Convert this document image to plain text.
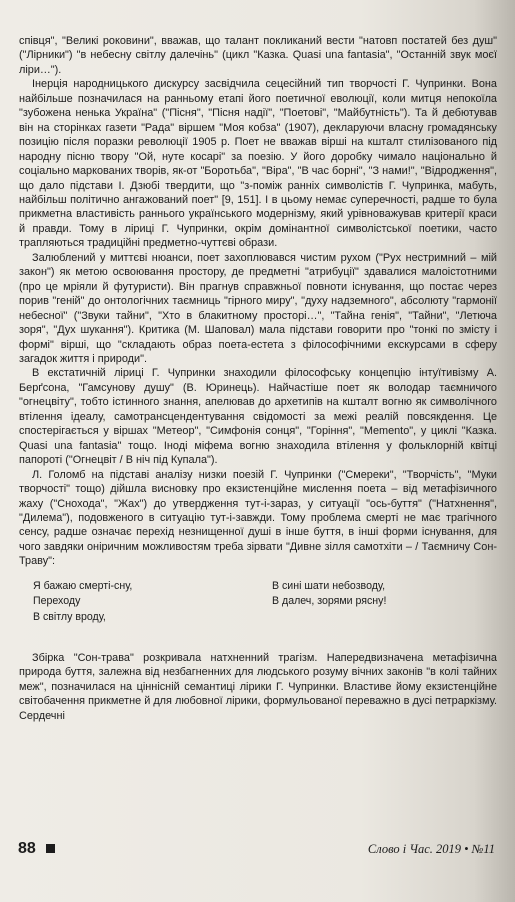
співця", "Великі роковини", вважав, що талант покликаний вести "натовп постатей без душ" ("Лірники") "в небесну світлу далечінь" (цикл "Казка. Quasi una fantasia", "Останній звук моєї ліри…").

Інерція народницького дискурсу засвідчила сецесійний тип творчості Г. Чупринки. Вона найбільше позначилася на ранньому етапі його поетичної еволюції, коли митця непокоїла "зубожена ненька Україна" ("Пісня", "Пісня надії", "Поетові", "Майбутність"). Та й дебютував він на сторінках газети "Рада" віршем "Моя кобза" (1907), декларуючи власну громадянську позицію після поразки революції 1905 р. Поет не вважав вірші на кшталт стилізованого під народну пісню твору "Ой, нуте косарі" за поезію. У його доробку чимало національно й соціально маркованих творів, як-от "Боротьба", "Віра", "В час борні", "З нами!", "Відродження", що дало підстави І. Дзюбі твердити, що "з-поміж ранніх символістів Г. Чупринка, мабуть, найбільш політично ангажований поет" [9, 151]. І в цьому немає суперечності, радше то була прикметна властивість раннього українського модернізму, який урівноважував критерії краси й правди. Тому в ліриці Г. Чупринки, окрім домінантної символістської поетики, часто трапляються традиційні предметно-чуттєві образи.

Залюблений у миттєві нюанси, поет захоплювався чистим рухом ("Рух нестримний – мій закон") як метою освоювання простору, де предметні "атрибуції" здавалися малоістотними (про це мріяли й футуристи). Він прагнув справжньої повноти існування, що постає через порив "геній" до онтологічних таємниць "гірного миру", "духу надземного", абсолюту "гармонії небесної" ("Звуки тайни", "Хто в блакитному просторі…", "Тайна генія", "Тайни", "Летюча зоря", "Дух шукання"). Критика (М. Шаповал) мала підстави говорити про "тонкі по змісту і формі" вірші, що "складають образ поета-естета з філософічними екскурсами в сферу загадок життя і природи".

В екстатичній ліриці Г. Чупринки знаходили філософську концепцію інтуїтивізму А. Берґсона, "Гамсунову душу" (В. Юринець). Найчастіше поет як володар таємничого "огнецвіту", тобто істинного знання, апелював до архетипів на кшталт вогню як символічного втілення ідеалу, самотрансцендентування свідомості за межі реалій повсякдення. Це спостерігається у віршах "Метеор", "Симфонія сонця", "Горіння", "Memento", у циклі "Казка. Quasi una fantasia" тощо. Іноді міфема вогню знаходила втілення у фольклорній квітці папороті ("Огнецвіт / В ніч під Купала").

Л. Голомб на підставі аналізу низки поезій Г. Чупринки ("Смереки", "Творчість", "Муки творчості" тощо) дійшла висновку про екзистенційне мислення поета – від метафізичного жаху ("Снохода", "Жах") до утвердження тут-і-зараз, у ситуації "ось-буття" ("Натхнення", "Дилема"), подовженого в ситуацію тут-і-завжди. Тому проблема смерті не має трагічного сенсу, радше означає перехід незнищенної душі в інше буття, в інші форми існування, для чого завдяки оніричним можливостям треба зірвати "Дивне зілля самотхіти – / Таємничу Сон-Траву":

Я бажаю смерті-сну,
Переходу
В світлу вроду,
В сині шати небозводу,
В далеч, зорями рясну!

Збірка "Сон-трава" розкривала натхненний трагізм. Напередвизначена метафізична природа буття, залежна від незбагненних для людського розуму вічних законів "в колі тайних меж", позначилася на ціннісній семантиці лірики Г. Чупринки. Властиве йому екзистенційне світобачення прикметне й для любовної лірики, формульованої переважно в дусі петраркізму. Сердечні

88	Слово і Час. 2019 • №11
